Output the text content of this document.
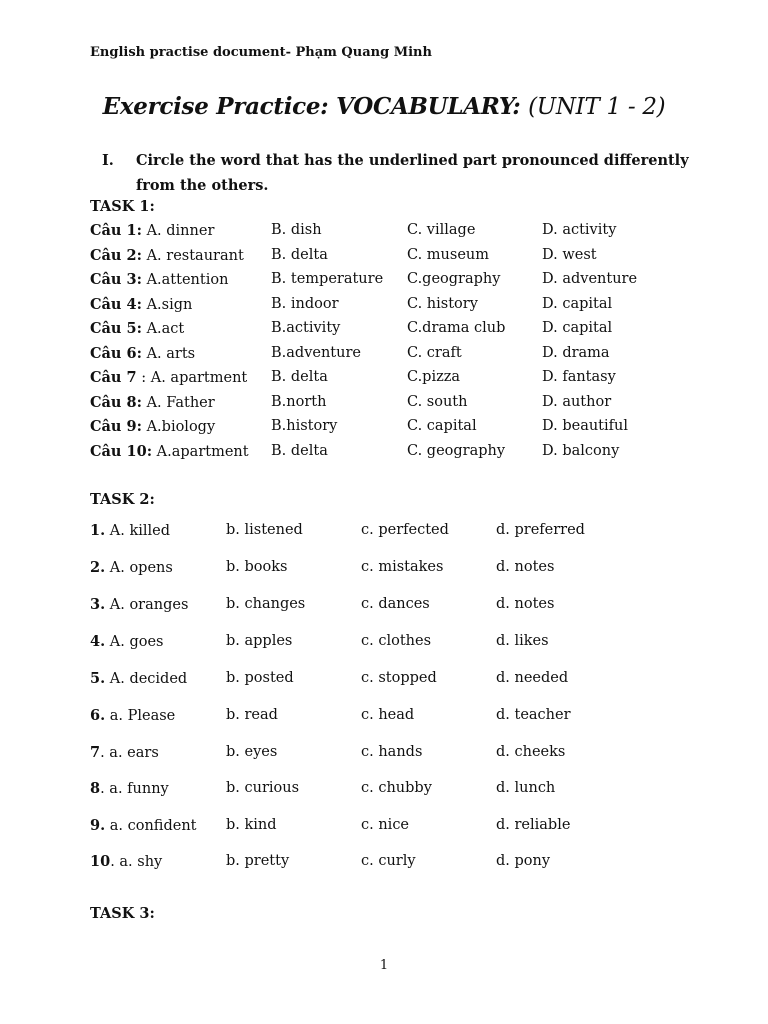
English practise document- Phạm Quang Minh
Exercise Practice: VOCABULARY: (UNIT 1 - 2)
I. Circle the word that has the underlined part pronounced differently from the others.
TASK 1:
Câu 1: A. dinner	B. dish	C. village	D. activity
Câu 2: A. restaurant B. delta	C. museum	D. west
Câu 3: A.attention	B. temperature C.geography	D. adventure
Câu 4: A.sign	B. indoor	C. history	D. capital
Câu 5: A.act	B.activity	C.drama club	D. capital
Câu 6: A. arts	B.adventure	C. craft	D. drama
Câu 7 : A. apartment B. delta	C.pizza	D. fantasy
Câu 8: A. Father	B.north	C. south	D. author
Câu 9: A.biology	B.history	C. capital	D. beautiful
Câu 10: A.apartment B. delta	C. geography	D. balcony
TASK 2:
1. A. killed	b. listened	c. perfected	d. preferred
2. A. opens	b. books	c. mistakes	d. notes
3. A. oranges	b. changes	c. dances	d. notes
4. A. goes	b. apples	c. clothes	d. likes
5. A. decided	b. posted	c. stopped	d. needed
6. a. Please	b. read	c. head	d. teacher
7. a. ears	b. eyes	c. hands	d. cheeks
8. a. funny	b. curious	c. chubby	d. lunch
9. a. confident b. kind	c. nice	d. reliable
10. a. shy	b. pretty	c. curly	d. pony
TASK 3:
1
